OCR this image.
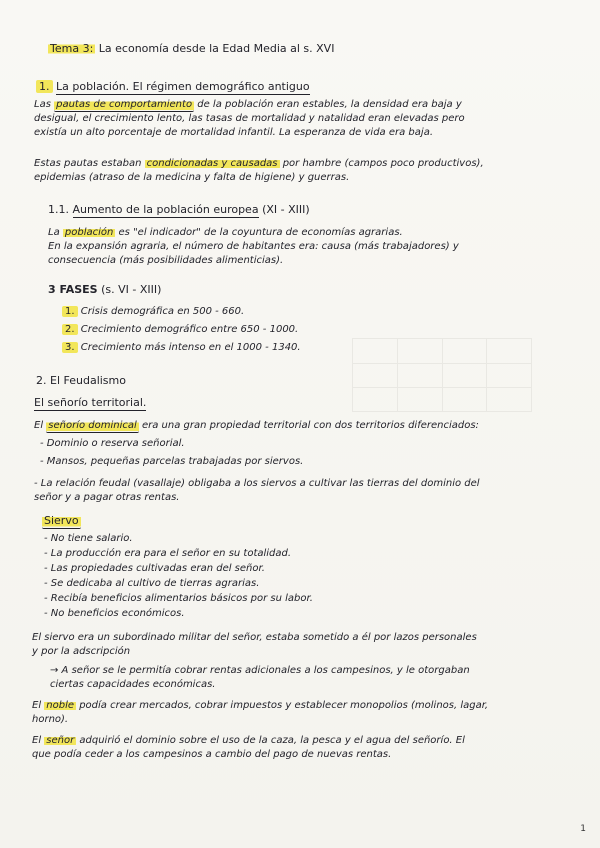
Tema 3: La economía desde la Edad Media al s. XVI
1. La población. El régimen demográfico antiguo
Las pautas de comportamiento de la población eran estables, la densidad era baja y
desigual, el crecimiento lento, las tasas de mortalidad y natalidad eran elevadas pero
existía un alto porcentaje de mortalidad infantil. La esperanza de vida era baja.
Estas pautas estaban condicionadas y causadas por hambre (campos poco productivos),
epidemias (atraso de la medicina y falta de higiene) y guerras.
1.1. Aumento de la población europea (XI - XIII)
La población es "el indicador" de la coyuntura de economías agrarias.
En la expansión agraria, el número de habitantes era: causa (más trabajadores) y
consecuencia (más posibilidades alimenticias).
3 FASES (s. VI - XIII)
1. Crisis demográfica en 500 - 660.
2. Crecimiento demográfico entre 650 - 1000.
3. Crecimiento más intenso en el 1000 - 1340.
2. El Feudalismo
El señorío territorial.
El señorío dominical era una gran propiedad territorial con dos territorios diferenciados:
- Dominio o reserva señorial.
- Mansos, pequeñas parcelas trabajadas por siervos.
- La relación feudal (vasallaje) obligaba a los siervos a cultivar las tierras del dominio del
señor y a pagar otras rentas.
Siervo
- No tiene salario.
- La producción era para el señor en su totalidad.
- Las propiedades cultivadas eran del señor.
- Se dedicaba al cultivo de tierras agrarias.
- Recibía beneficios alimentarios básicos por su labor.
- No beneficios económicos.
El siervo era un subordinado militar del señor, estaba sometido a él por lazos personales
y por la adscripción
→ A señor se le permitía cobrar rentas adicionales a los campesinos, y le otorgaban
ciertas capacidades económicas.
El noble podía crear mercados, cobrar impuestos y establecer monopolios (molinos, lagar,
horno).
El señor adquirió el dominio sobre el uso de la caza, la pesca y el agua del señorío. El
que podía ceder a los campesinos a cambio del pago de nuevas rentas.
1
